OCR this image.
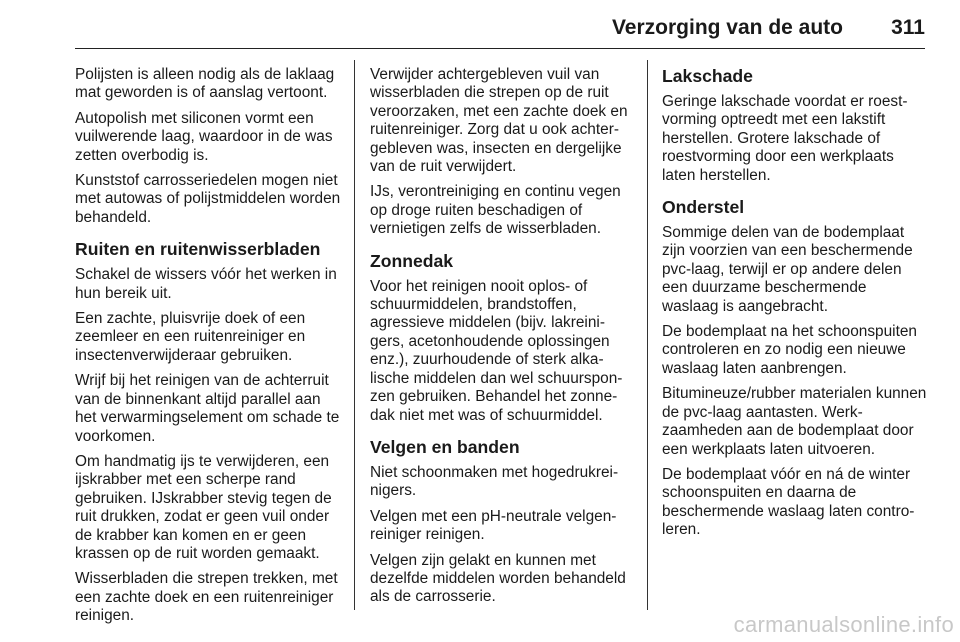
Verzorging van de auto	311

Polijsten is alleen nodig als de laklaag mat geworden is of aanslag vertoont.

Autopolish met siliconen vormt een vuilwerende laag, waardoor in de was zetten overbodig is.

Kunststof carrosseriedelen mogen niet met autowas of polijstmiddelen worden behandeld.

Ruiten en ruitenwisserbladen

Schakel de wissers vóór het werken in hun bereik uit.

Een zachte, pluisvrije doek of een zeemleer en een ruitenreiniger en insectenverwijderaar gebruiken.

Wrijf bij het reinigen van de achterruit van de binnenkant altijd parallel aan het verwarmingselement om schade te voorkomen.

Om handmatig ijs te verwijderen, een ijskrabber met een scherpe rand gebruiken. IJskrabber stevig tegen de ruit drukken, zodat er geen vuil onder de krabber kan komen en er geen krassen op de ruit worden gemaakt.

Wisserbladen die strepen trekken, met een zachte doek en een ruitenreiniger reinigen.

Verwijder achtergebleven vuil van wisserbladen die strepen op de ruit veroorzaken, met een zachte doek en ruitenreiniger. Zorg dat u ook achtergebleven was, insecten en dergelijke van de ruit verwijdert.

IJs, verontreiniging en continu vegen op droge ruiten beschadigen of vernietigen zelfs de wisserbladen.

Zonnedak

Voor het reinigen nooit oplos- of schuurmiddelen, brandstoffen, agressieve middelen (bijv. lakreinigers, acetonhoudende oplossingen enz.), zuurhoudende of sterk alkalische middelen dan wel schuursponzen gebruiken. Behandel het zonnedak niet met was of schuurmiddel.

Velgen en banden

Niet schoonmaken met hogedrukreinigers.

Velgen met een pH-neutrale velgenreiniger reinigen.

Velgen zijn gelakt en kunnen met dezelfde middelen worden behandeld als de carrosserie.

Lakschade

Geringe lakschade voordat er roestvorming optreedt met een lakstift herstellen. Grotere lakschade of roestvorming door een werkplaats laten herstellen.

Onderstel

Sommige delen van de bodemplaat zijn voorzien van een beschermende pvc-laag, terwijl er op andere delen een duurzame beschermende waslaag is aangebracht.

De bodemplaat na het schoonspuiten controleren en zo nodig een nieuwe waslaag laten aanbrengen.

Bitumineuze/rubber materialen kunnen de pvc-laag aantasten. Werkzaamheden aan de bodemplaat door een werkplaats laten uitvoeren.

De bodemplaat vóór en ná de winter schoonspuiten en daarna de beschermende waslaag laten controleren.

carmanualsonline.info
